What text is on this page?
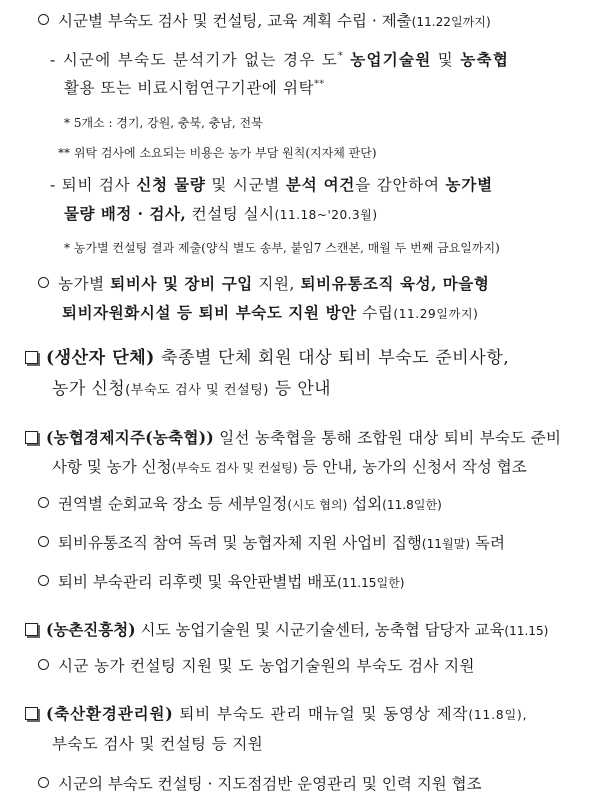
시군별 부숙도 검사 및 컨설팅, 교육 계획 수립 · 제출(11.22일까지)
- 시군에 부숙도 분석기가 없는 경우 도* 농업기술원 및 농축협
활용 또는 비료시험연구기관에 위탁**
* 5개소 : 경기, 강원, 충북, 충남, 전북
** 위탁 검사에 소요되는 비용은 농가 부담 원칙(지자체 판단)
- 퇴비 검사 신청 물량 및 시군별 분석 여건을 감안하여 농가별
물량 배정 · 검사, 컨설팅 실시(11.18~'20.3월)
* 농가별 컨설팅 결과 제출(양식 별도 송부, 붙임7 스캔본, 매월 두 번째 금요일까지)
농가별 퇴비사 및 장비 구입 지원, 퇴비유통조직 육성, 마을형
퇴비자원화시설 등 퇴비 부숙도 지원 방안 수립(11.29일까지)
(생산자 단체) 축종별 단체 회원 대상 퇴비 부숙도 준비사항,
농가 신청(부숙도 검사 및 컨설팅) 등 안내
(농협경제지주(농축협)) 일선 농축협을 통해 조합원 대상 퇴비 부숙도 준비
사항 및 농가 신청(부숙도 검사 및 컨설팅) 등 안내, 농가의 신청서 작성 협조
권역별 순회교육 장소 등 세부일정(시도 협의) 섭외(11.8일한)
퇴비유통조직 참여 독려 및 농협자체 지원 사업비 집행(11월말) 독려
퇴비 부숙관리 리후렛 및 육안판별법 배포(11.15일한)
(농촌진흥청) 시도 농업기술원 및 시군기술센터, 농축협 담당자 교육(11.15)
시군 농가 컨설팅 지원 및 도 농업기술원의 부숙도 검사 지원
(축산환경관리원) 퇴비 부숙도 관리 매뉴얼 및 동영상 제작(11.8일),
부숙도 검사 및 컨설팅 등 지원
시군의 부숙도 컨설팅 · 지도점검반 운영관리 및 인력 지원 협조
